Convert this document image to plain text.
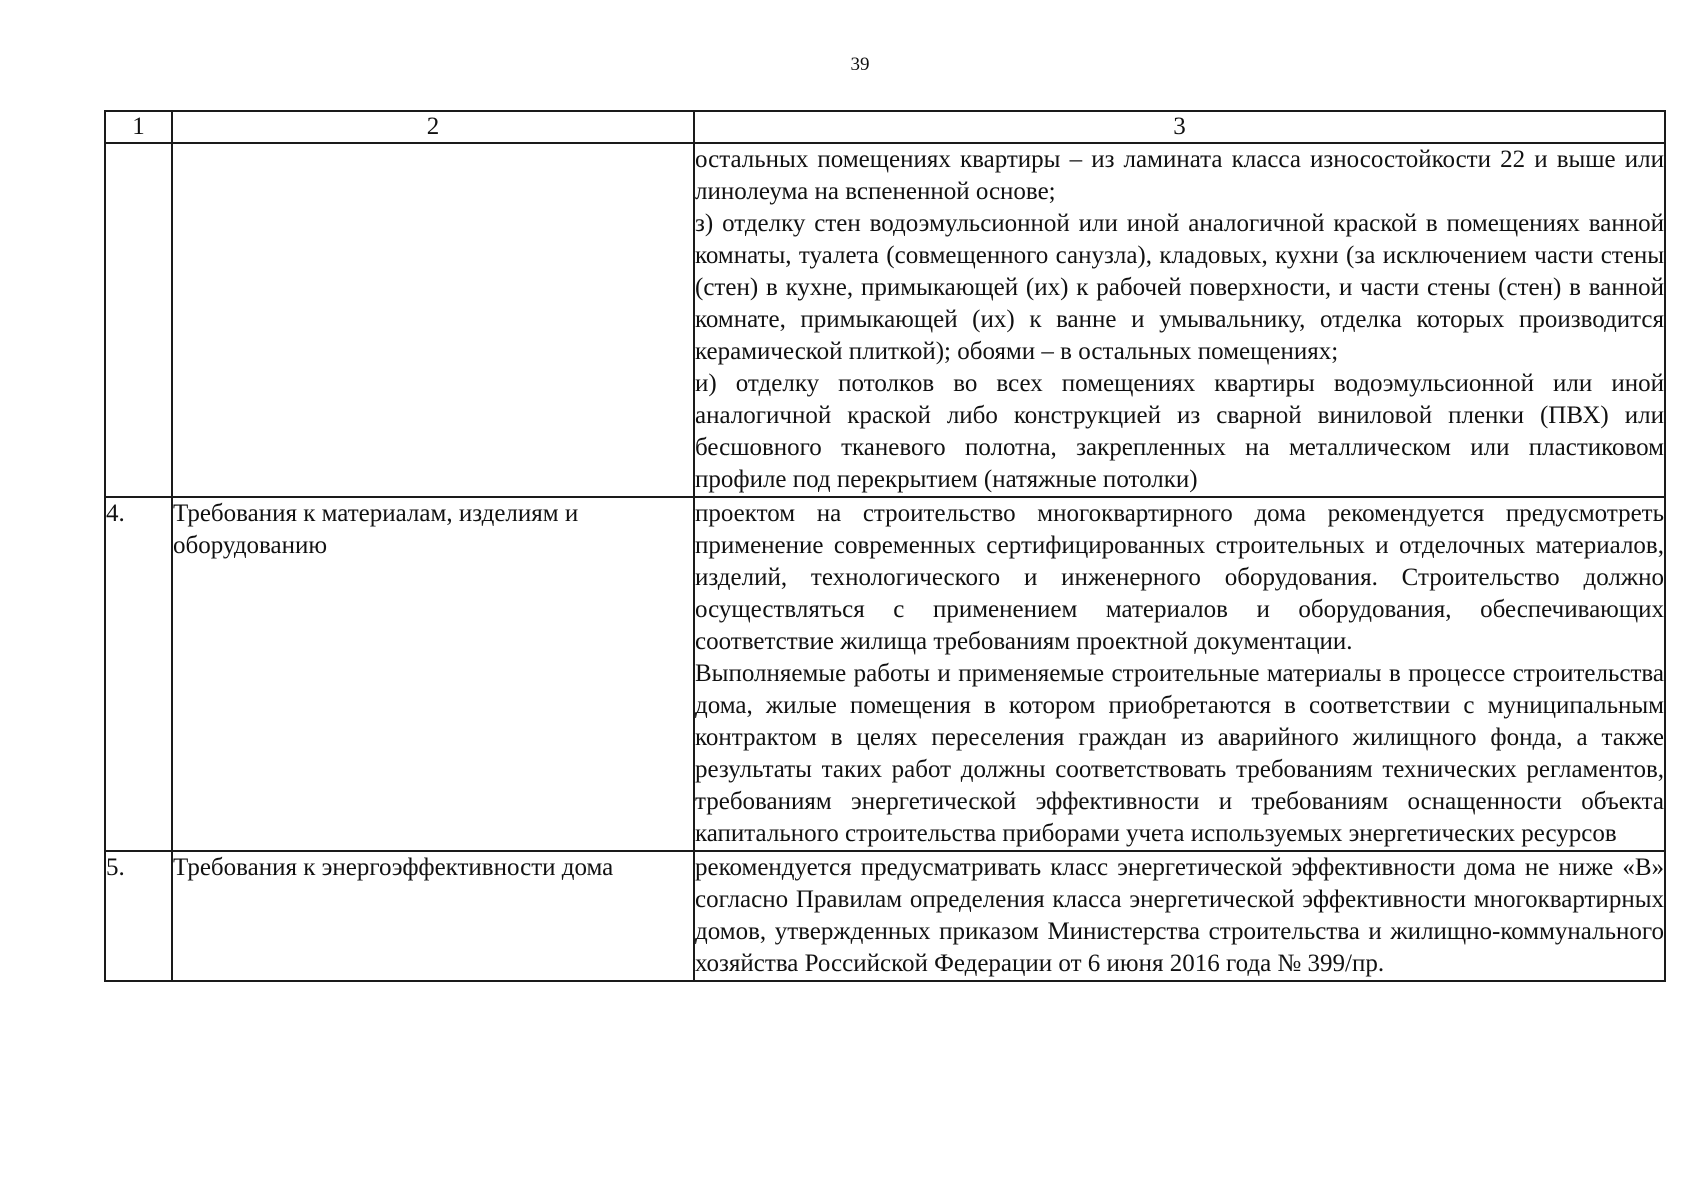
39
1	2	3

		остальных помещениях квартиры – из ламината класса износостойкости 22 и выше или линолеума на вспененной основе;

з) отделку стен водоэмульсионной или иной аналогичной краской в помещениях ванной комнаты, туалета (совмещенного санузла), кладовых, кухни (за исключением части стены (стен) в кухне, примыкающей (их) к рабочей поверхности, и части стены (стен) в ванной комнате, примыкающей (их) к ванне и умывальнику, отделка которых производится керамической плиткой); обоями – в остальных помещениях;

и) отделку потолков во всех помещениях квартиры водоэмульсионной или иной аналогичной краской либо конструкцией из сварной виниловой пленки (ПВХ) или бесшовного тканевого полотна, закрепленных на металлическом или пластиковом профиле под перекрытием (натяжные потолки)

4.	Требования к материалам, изделиям и оборудованию	проектом на строительство многоквартирного дома рекомендуется предусмотреть применение современных сертифицированных строительных и отделочных материалов, изделий, технологического и инженерного оборудования. Строительство должно осуществляться с применением материалов и оборудования, обеспечивающих соответствие жилища требованиям проектной документации.

Выполняемые работы и применяемые строительные материалы в процессе строительства дома, жилые помещения в котором приобретаются в соответствии с муниципальным контрактом в целях переселения граждан из аварийного жилищного фонда, а также результаты таких работ должны соответствовать требованиям технических регламентов, требованиям энергетической эффективности и требованиям оснащенности объекта капитального строительства приборами учета используемых энергетических ресурсов

5.	Требования к энергоэффективности дома	рекомендуется предусматривать класс энергетической эффективности дома не ниже «В» согласно Правилам определения класса энергетической эффективности многоквартирных домов, утвержденных приказом Министерства строительства и жилищно-коммунального хозяйства Российской Федерации от 6 июня 2016 года № 399/пр.
